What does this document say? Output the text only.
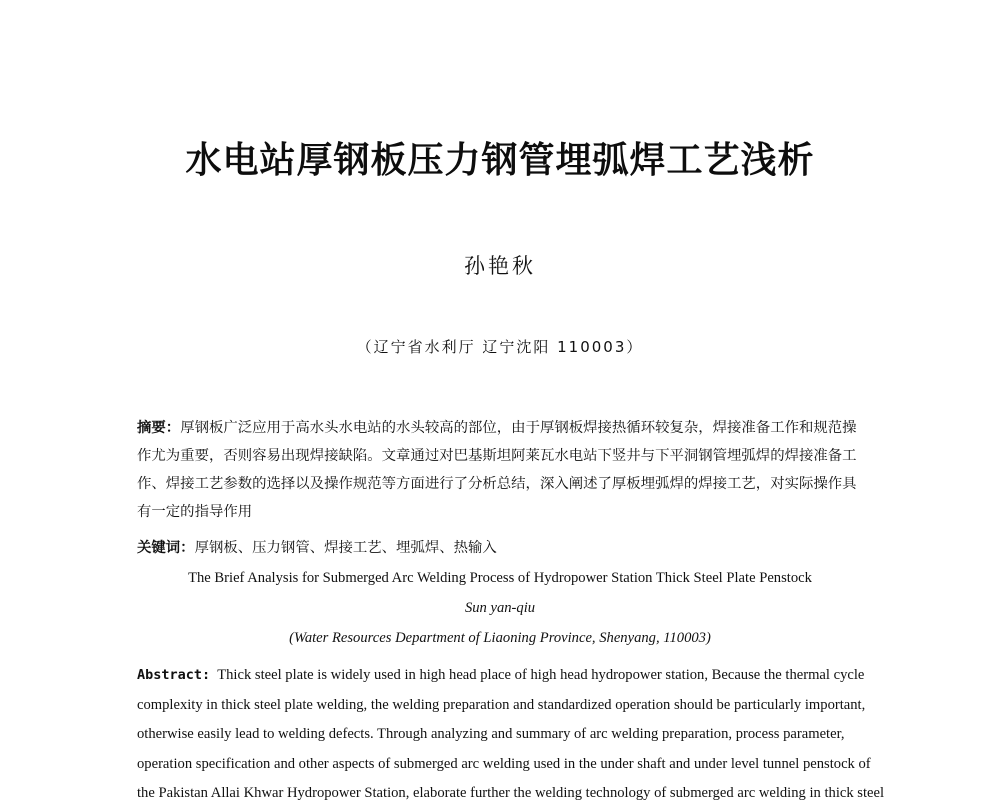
水电站厚钢板压力钢管埋弧焊工艺浅析
孙艳秋
（辽宁省水利厅 辽宁沈阳 110003）
摘要：厚钢板广泛应用于高水头水电站的水头较高的部位，由于厚钢板焊接热循环较复杂，焊接准备工作和规范操
作尤为重要，否则容易出现焊接缺陷。文章通过对巴基斯坦阿莱瓦水电站下竖井与下平洞钢管埋弧焊的焊接准备工
作、焊接工艺参数的选择以及操作规范等方面进行了分析总结，深入阐述了厚板埋弧焊的焊接工艺，对实际操作具
有一定的指导作用
关键词：厚钢板、压力钢管、焊接工艺、埋弧焊、热输入
The Brief Analysis for Submerged Arc Welding Process of Hydropower Station Thick Steel Plate Penstock
Sun yan-qiu
(Water Resources Department of Liaoning Province, Shenyang, 110003)
Abstract: Thick steel plate is widely used in high head place of high head hydropower station, Because the thermal cycle
complexity in thick steel plate welding, the welding preparation and standardized operation should be particularly important,
otherwise easily lead to welding defects. Through analyzing and summary of arc welding preparation, process parameter,
operation specification and other aspects of submerged arc welding used in the under shaft and under level tunnel penstock of
the Pakistan Allai Khwar Hydropower Station, elaborate further the welding technology of submerged arc welding in thick steel
